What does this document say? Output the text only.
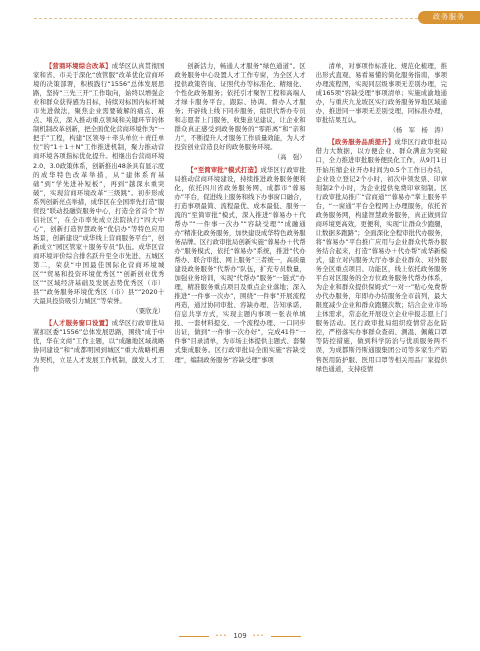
政务服务

【营商环境综合改革】成华区认真贯彻国家和省、市关于深化“放管服”改革优化营商环境的决策部署，积极践行“1556”总体发展思路，坚持“三先三开”工作取向，始终以增强企业和群众获得感为目标，持续对标国内标杆城市先进做法，聚焦企业需要破解的痛点、难点、堵点，深入推动重点领域和关键环节的体制机制改革创新，把全面优化营商环境作为“一把手”工程，构建“区领导＋牵头单位＋责任单位”的“1＋1＋N”工作推进机制，聚力推动营商环境各项指标优化提升。相继出台营商环境2.0、3.0政策体系，创新推出48条具有显示度的成华特色改革举措，从“建体系育基础”到“学先进补短板”，再到“越深水重突破”，实现营商环境改革“三级跳”。初步形成系列创新亮点举措，成华区在全国率先打造“服贸投”联动投融资服务中心，打造全省首个“智信社区”，在全市率先成立法院执行“四大中心”，创新打造智慧政务“优信办”等特色应用场景，创新建设“成华线上营商服务平台”，创新成立“园区管家＋服务专员”队伍。成华区营商环境评价综合排名跃升至全市先进、五城区第二，荣获“中国最佳国际化营商环境城区”“贸易和投资环境优秀区”“创新创业优秀区”“区域经济基础及发展态势优秀区（市）县”“政务服务环境优秀区（市）县”“2020十大最具投资吸引力城区”等荣誉。

（粟欣龙）

【人才服务窗口设置】成华区行政审批局紧扣区委“1556”总体发展思路，围绕“成于中优，华在文商”工作主题，以“成融地区域战略协同建设”和“成都明园到城区”重大战略机遇为契机，立足人才发展工作机制，激发人才工作

创新活力，畅通人才服务“绿色通道”。区政务服务中心设置人才工作专窗，为全区人才提供政策咨询、证照代办等标准化、精细化、个性化政务服务；依托引才聚智工程和高端人才绿卡服务平台，跟踪、协调、督办人才服务；开辟线上线下同步服务，组织代帮办专员和志愿者上门服务，收集意见建议，让企业和群众真正感受到政务服务的“零距离”和“亲和力”，不断提升人才服务工作质量效能，为人才投资创业营造良好的政务服务环境。

（高　强）

【“至简审批”模式打造】成华区行政审批局推动营商环境建设，持续推进政务服务便利化，依托四川省政务服务网、成都市“蓉易办”平台，促进线上服务和线下办事窗口融合，打造事项最简、流程最优、成本最低、服务一流的“至简审批”模式，深入推进“蓉易办＋代帮办”“一件事一次办”“容缺受理”“成融通办”精准化政务服务，加快建设成华特色政务服务品牌。区行政审批局创新实施“蓉易办＋代帮办”服务模式，依托“蓉易办”系统，推进“代办帮办、联合审批、网上服务”三者统一，高质量建设政务服务“代帮办”队伍，扩充专员数量，加强业务培训，实现“代帮办”服务“一链式”办理，精准服务重点项目及重点企业落地；深入推进“一件事一次办”，围绕“一件事”开展流程再造，通过协同审批、容缺办理、告知承诺、信息共享方式，实现主题内事项一张表单填报、一套材料提交、一个流程办理、一口同步出证，做到“一件事一次办好”，完成41件“一件事”目录清单，为市场主体提供主题式、套餐式集成服务。区行政审批局全面实施“容缺受理”，编制政务服务“容缺受理”事项

清单，对事项作标准化、规范化梳理，推出形式直观、易看易懂的简化服务指南，事项办理流程图，实现同层级事项无差别办理，完成165项“容缺受理”事项清单；实施成渝地通办，与重庆九龙坡区实行政务服务异地区域通办，推进同一事项无差别受理，同标准办理，审批结果互认。

（杨　军　杨　涛）

【政务服务品质提升】成华区行政审批局借力大数据，以方便企业、群众满意为突破口，全力推进审批服务便民化工作，从9月1日开始压缩企业开办时间为0.5个工作日办结，企业设立登记2个小时，初次申领发票、印章刻制2个小时，为企业提供免费印章刻制。区行政审批局推广“营商通”“蓉易办”掌上服务平台，“一窗通”平台全程网上办理服务，依托省政务服务网，构建智慧政务服务，真正做到营商环境更高效，更便利，实现“让群众少跑腿，让数据多跑路”；全面深化全程审批代办服务，将“蓉易办”平台推广应用与企业群众代帮办服务结合起来，打造“蓉易办＋代办帮”成华新模式，建立对内服务大厅办事企业群众、对外服务全区重点项目、功能区，线上依托政务服务平台对区服务的全方位政务服务代帮办体系，为企业和群众提供保姆式“一对一”贴心免费帮办代办服务，年即办办结服务全市前列，最大限度减少企业和群众跑腿次数；结合企业市场主体需求，常态化开展设立企业申报志愿上门服务活动。区行政审批局组织疫情常态化防控，严格落实办事群众查码、测温、佩戴口罩等防控措施，做到科学防治与优质服务两不误，为成都斯丹斯通服集团公司等多家生产销售医用防护服、医用口罩等相关用品厂家提供绿色通道，支持疫情

••• 109 •••
